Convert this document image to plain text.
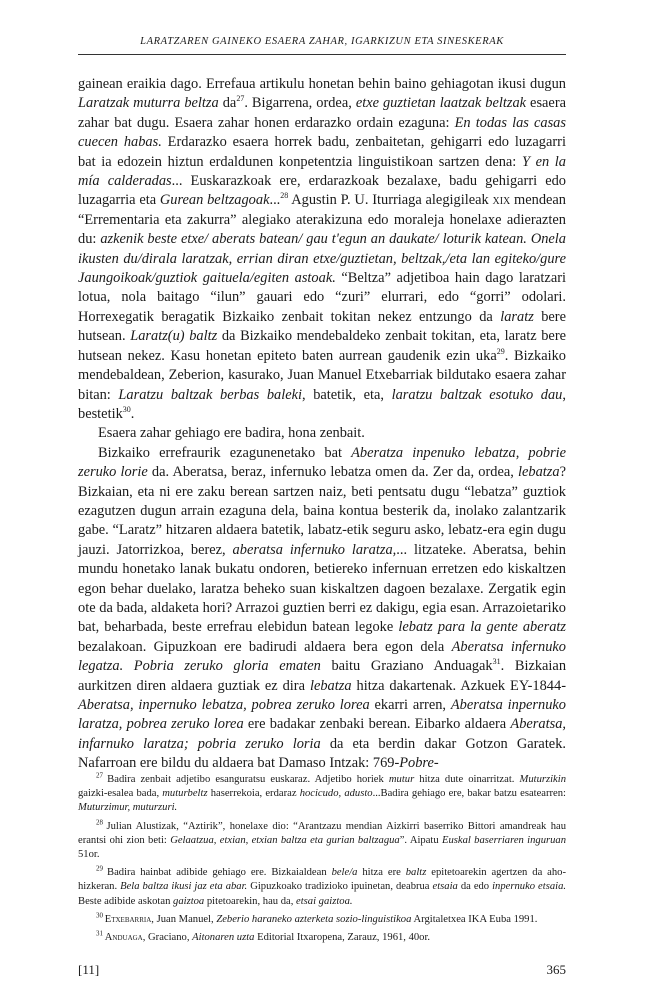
LARATZAREN GAINEKO ESAERA ZAHAR, IGARKIZUN ETA SINESKERAK

gainean eraikia dago. Errefaua artikulu honetan behin baino gehiagotan ikusi dugun Laratzak muturra beltza $da^{27}$. Bigarrena, ordea, etxe guztietan laatzak beltzak esaera zahar bat dugu. Esaera zahar honen erdarazko ordain ezaguna: En todas las casas cuecen habas. Erdarazko esaera horrek badu, zenbaitetan, gehigarri edo luzagarri bat ia edozein hiztun erdaldunen konpetentzia linguistikoan sartzen dena: Y en la mía calderadas... Euskarazkoak ere, erdarazkoak bezalaxe, badu gehigarri edo luzagarria eta Gurean beltzagoak...$^{28}$ Agustin P. U. Iturriaga alegigileak xix mendean “Errementaria eta zakurra” alegiako aterakizuna edo moraleja honelaxe adierazten du: azkenik beste etxe/ aberats batean/ gau t'egun an daukate/ loturik katean. Onela ikusten du/dirala laratzak, errian diran etxe/guztietan, beltzak,/eta lan egiteko/gure Jaungoikoak/guztiok gaituela/egiten astoak. “Beltza” adjetiboa hain dago laratzari lotua, nola baitago “ilun” gauari edo “zuri” elurrari, edo “gorri” odolari. Horrexegatik beragatik Bizkaiko zenbait tokitan nekez entzungo da laratz bere hutsean. Laratz(u) baltz da Bizkaiko mendebaldeko zenbait tokitan, eta, laratz bere hutsean nekez. Kasu honetan epiteto baten aurrean gaudenik ezin uka$^{29}$. Bizkaiko mendebaldean, Zeberion, kasurako, Juan Manuel Etxebarriak bildutako esaera zahar bitan: Laratzu baltzak berbas baleki, batetik, eta, laratzu baltzak esotuko dau, bestetik$^{30}$.

Esaera zahar gehiago ere badira, hona zenbait.

Bizkaiko errefraurik ezagunenetako bat Aberatza inpenuko lebatza, pobrie zeruko lorie da. Aberatsa, beraz, infernuko lebatza omen da. Zer da, ordea, lebatza? Bizkaian, eta ni ere zaku berean sartzen naiz, beti pentsatu dugu “lebatza” guztiok ezagutzen dugun arrain ezaguna dela, baina kontua besterik da, inolako zalantzarik gabe. “Laratz” hitzaren aldaera batetik, labatz-etik seguru asko, lebatz-era egin dugu jauzi. Jatorrizkoa, berez, aberatsa infernuko laratza,... litzateke. Aberatsa, behin mundu honetako lanak bukatu ondoren, betiereko infernuan erretzen edo kiskaltzen egon behar duelako, laratza beheko suan kiskaltzen dagoen bezalaxe. Zergatik egin ote da bada, aldaketa hori? Arrazoi guztien berri ez dakigu, egia esan. Arrazoietariko bat, beharbada, beste errefrau elebidun batean legoke lebatz para la gente aberatz bezalakoan. Gipuzkoan ere badirudi aldaera bera egon dela Aberatsa infernuko legatza. Pobria zeruko gloria ematen baitu Graziano Anduagak$^{31}$. Bizkaian aurkitzen diren aldaera guztiak ez dira lebatza hitza dakartenak. Azkuek EY-1844-Aberatsa, inpernuko lebatza, pobrea zeruko lorea ekarri arren, Aberatsa inpernuko laratza, pobrea zeruko lorea ere badakar zenbaki berean. Eibarko aldaera Aberatsa, infarnuko laratza; pobria zeruko loria da eta berdin dakar Gotzon Garatek. Nafarroan ere bildu du aldaera bat Damaso Intzak: 769-Pobre-

$^{27}$ Badira zenbait adjetibo esanguratsu euskaraz. Adjetibo horiek mutur hitza dute oinarritzat. Muturzikin gaizki-esalea bada, muturbeltz haserrekoia, erdaraz hocicudo, adusto...Badira gehiago ere, bakar batzu esatearren: Muturzimur, muturzuri.

$^{28}$ Julian Alustizak, “Aztirik”, honelaxe dio: “Arantzazu mendian Aizkirri baserriko Bittori amandreak hau erantsi ohi zion beti: Gelaatzua, etxian, etxian baltza eta gurian baltzagua”. Aipatu Euskal baserriaren inguruan 51or.

$^{29}$ Badira hainbat adibide gehiago ere. Bizkaialdean bele/a hitza ere baltz epitetoarekin agertzen da aho-hizkeran. Bela baltza ikusi jaz eta abar. Gipuzkoako tradizioko ipuinetan, deabrua etsaia da edo inpernuko etsaia. Beste adibide askotan gaiztoa pitetoarekin, hau da, etsai gaiztoa.

$^{30}$ Etxebarria, Juan Manuel, Zeberio haraneko azterketa sozio-linguistikoa Argitaletxea IKA Euba 1991.

$^{31}$ Anduaga, Graciano, Aitonaren uzta Editorial Itxaropena, Zarauz, 1961, 40or.

[11]	365
